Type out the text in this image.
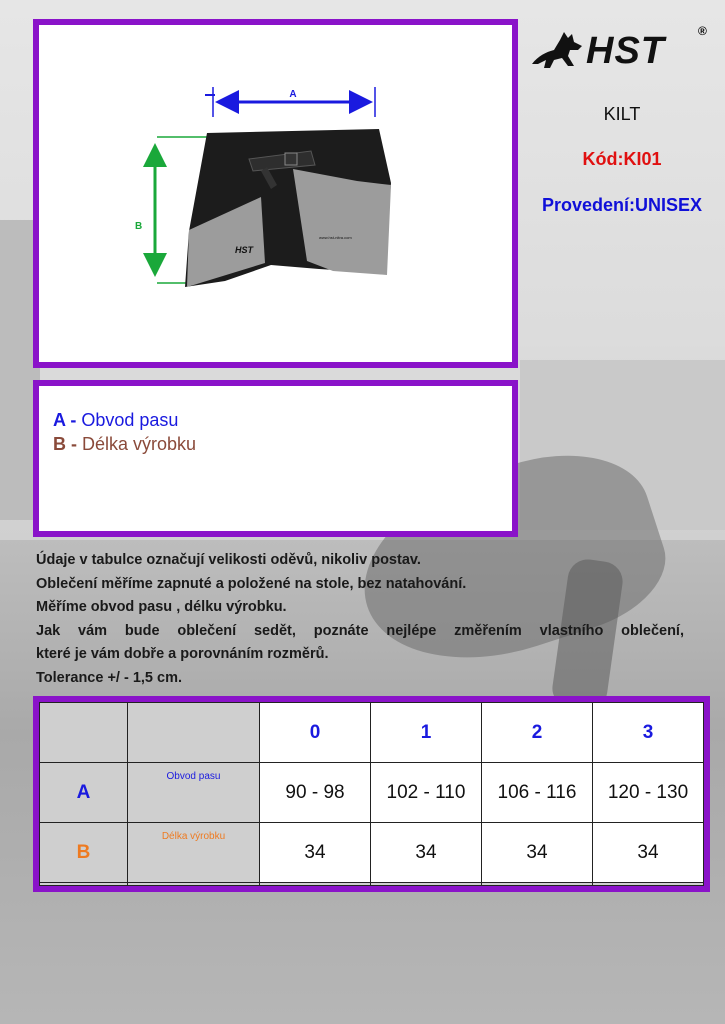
A
B
HST
www.hst-nitra.com
A - Obvod pasu
B - Délka výrobku
HST	®
KILT
Kód:KI01
Provedení:UNISEX
Údaje v tabulce označují velikosti oděvů, nikoliv postav.
Oblečení měříme zapnuté a položené na stole, bez natahování.
Měříme obvod pasu , délku výrobku.
Jak vám bude oblečení sedět, poznáte nejlépe změřením vlastního oblečení,
které je vám dobře a porovnáním rozměrů.
Tolerance +/ - 1,5 cm.
		0	1	2	3
A	Obvod pasu	90 - 98	102 - 110	106 - 116	120 - 130
B	Délka výrobku	34	34	34	34
